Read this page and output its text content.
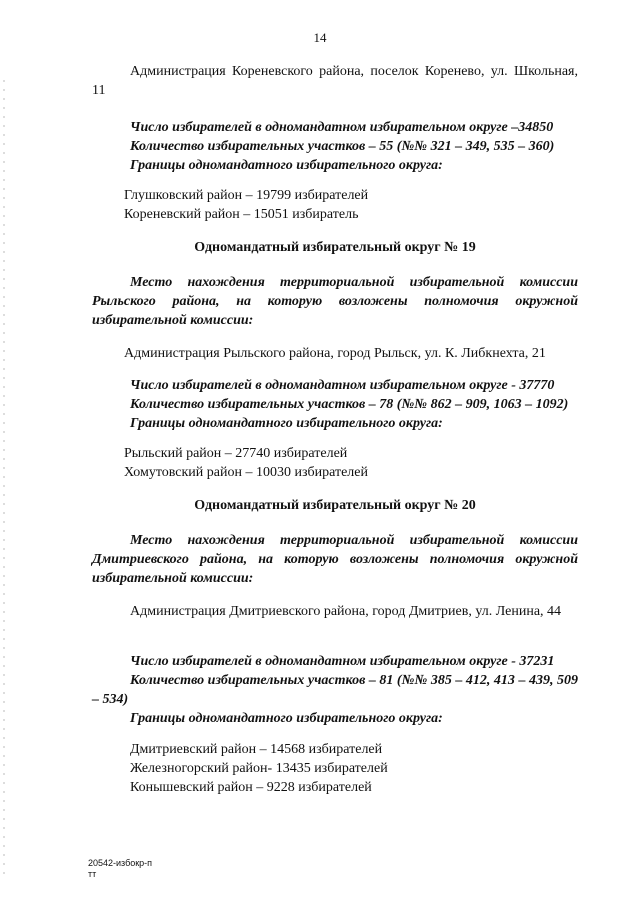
14
Администрация Кореневского района, поселок Коренево, ул. Школьная, 11
Число избирателей в одномандатном избирательном округе –34850
Количество избирательных участков – 55 (№№ 321 – 349, 535 – 360)
Границы одномандатного избирательного округа:
Глушковский район – 19799 избирателей
Кореневский район – 15051 избиратель
Одномандатный избирательный округ № 19
Место нахождения территориальной избирательной комиссии Рыльского района, на которую возложены полномочия окружной избирательной комиссии:
Администрация Рыльского района, город Рыльск, ул. К. Либкнехта, 21
Число избирателей в одномандатном избирательном округе - 37770
Количество избирательных участков – 78 (№№ 862 – 909, 1063 – 1092)
Границы одномандатного избирательного округа:
Рыльский район – 27740 избирателей
Хомутовский район – 10030 избирателей
Одномандатный избирательный округ № 20
Место нахождения территориальной избирательной комиссии Дмитриевского района, на которую возложены полномочия окружной избирательной комиссии:
Администрация Дмитриевского района, город Дмитриев, ул. Ленина, 44
Число избирателей в одномандатном избирательном округе - 37231
Количество избирательных участков – 81 (№№ 385 – 412, 413 – 439, 509 – 534)
Границы одномандатного избирательного округа:
Дмитриевский район – 14568 избирателей
Железногорский район- 13435 избирателей
Конышевский район – 9228 избирателей
20542-избокр-п
тт
